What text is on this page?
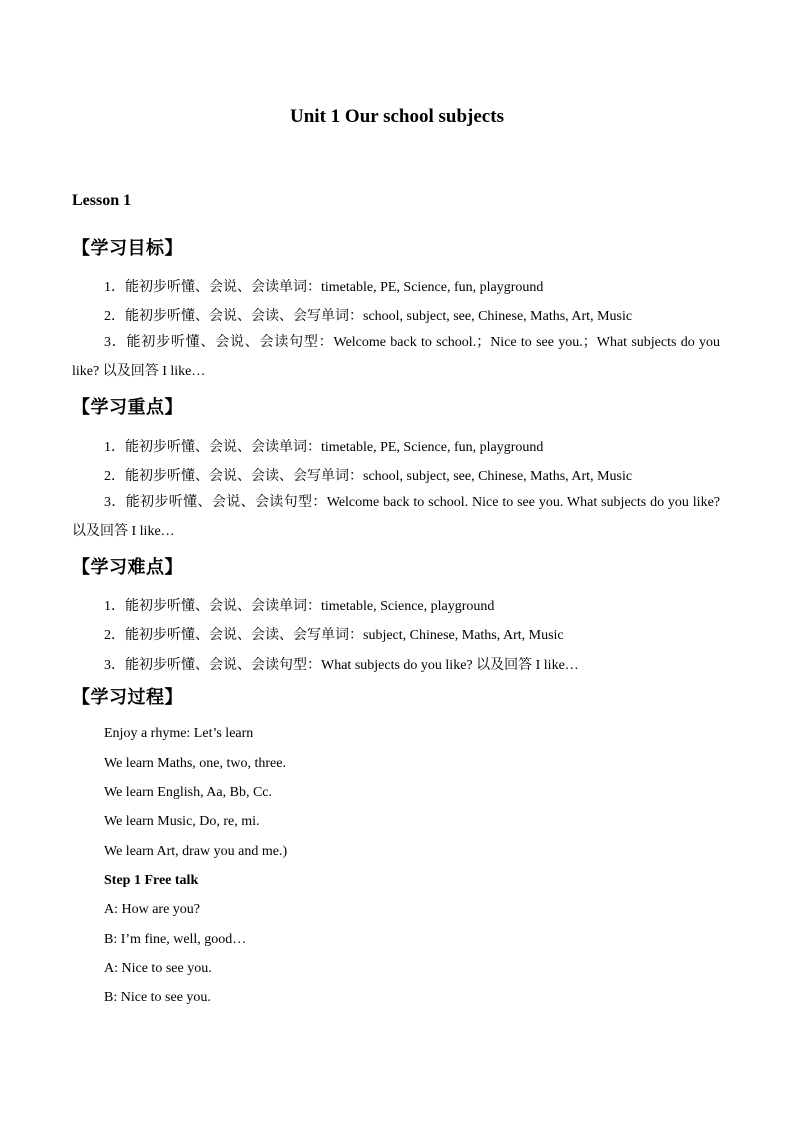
Unit 1 Our school subjects
Lesson 1
【学习目标】
1．能初步听懂、会说、会读单词：timetable, PE, Science, fun, playground
2．能初步听懂、会说、会读、会写单词：school, subject, see, Chinese, Maths, Art, Music
3．能初步听懂、会说、会读句型：Welcome back to school.；Nice to see you.；What subjects do you like? 以及回答 I like…
【学习重点】
1．能初步听懂、会说、会读单词：timetable, PE, Science, fun, playground
2．能初步听懂、会说、会读、会写单词：school, subject, see, Chinese, Maths, Art, Music
3．能初步听懂、会说、会读句型：Welcome back to school. Nice to see you. What subjects do you like? 以及回答 I like…
【学习难点】
1．能初步听懂、会说、会读单词：timetable, Science, playground
2．能初步听懂、会说、会读、会写单词：subject, Chinese, Maths, Art, Music
3．能初步听懂、会说、会读句型：What subjects do you like? 以及回答 I like…
【学习过程】
Enjoy a rhyme: Let’s learn
We learn Maths, one, two, three.
We learn English, Aa, Bb, Cc.
We learn Music, Do, re, mi.
We learn Art, draw you and me.)
Step 1 Free talk
A: How are you?
B: I’m fine, well, good…
A: Nice to see you.
B: Nice to see you.
